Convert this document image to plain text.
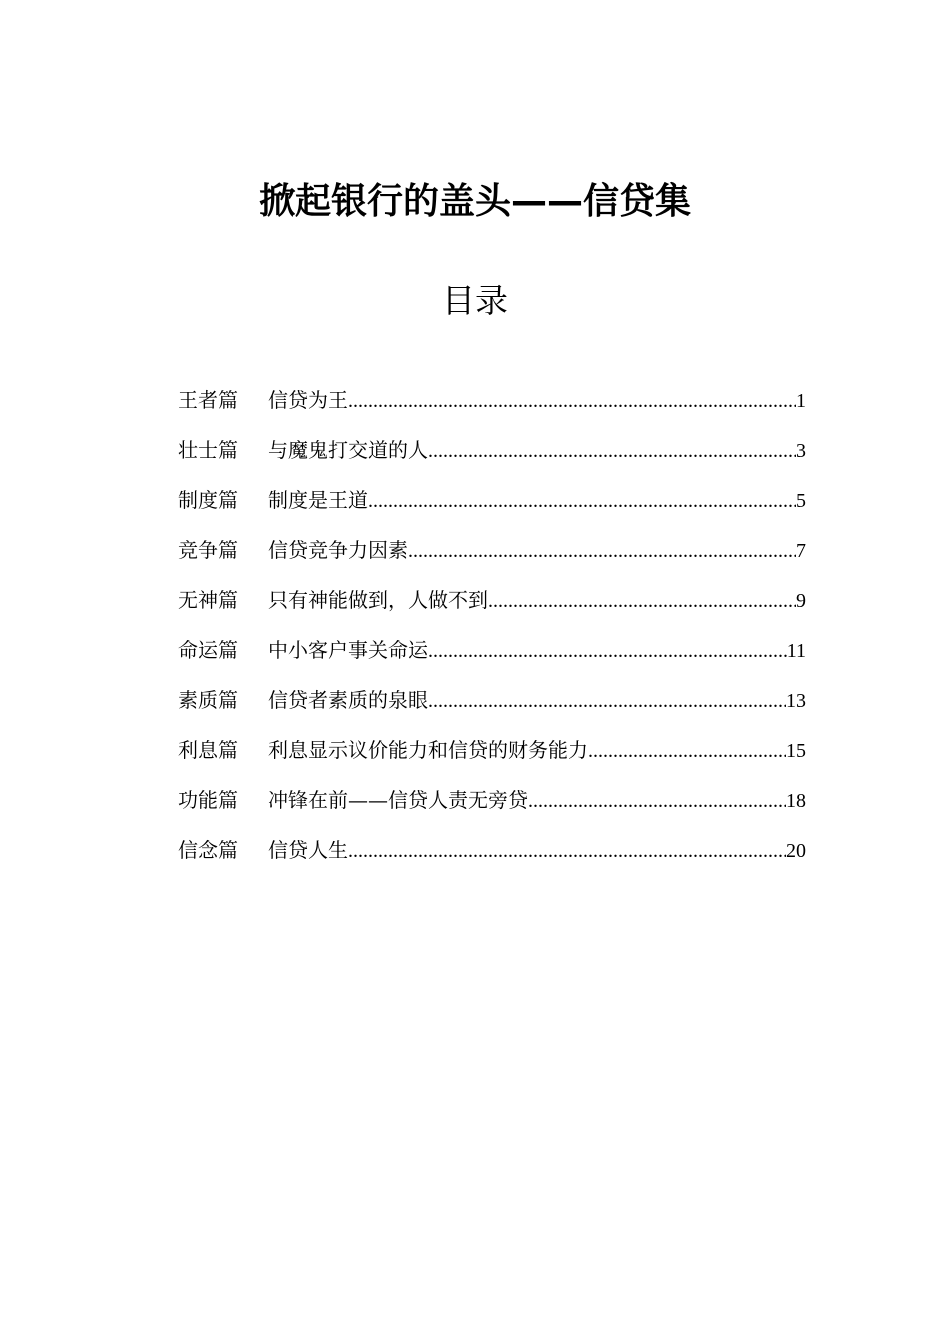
掀起银行的盖头——信贷集
目录
王者篇	信贷为王 .....	1
壮士篇	与魔鬼打交道的人 .....	3
制度篇	制度是王道 .....	5
竞争篇	信贷竞争力因素 .....	7
无神篇	只有神能做到，人做不到 .....	9
命运篇	中小客户事关命运 .....	11
素质篇	信贷者素质的泉眼 .....	13
利息篇	利息显示议价能力和信贷的财务能力 .....	15
功能篇	冲锋在前——信贷人责无旁贷 .....	18
信念篇	信贷人生 .....	20
